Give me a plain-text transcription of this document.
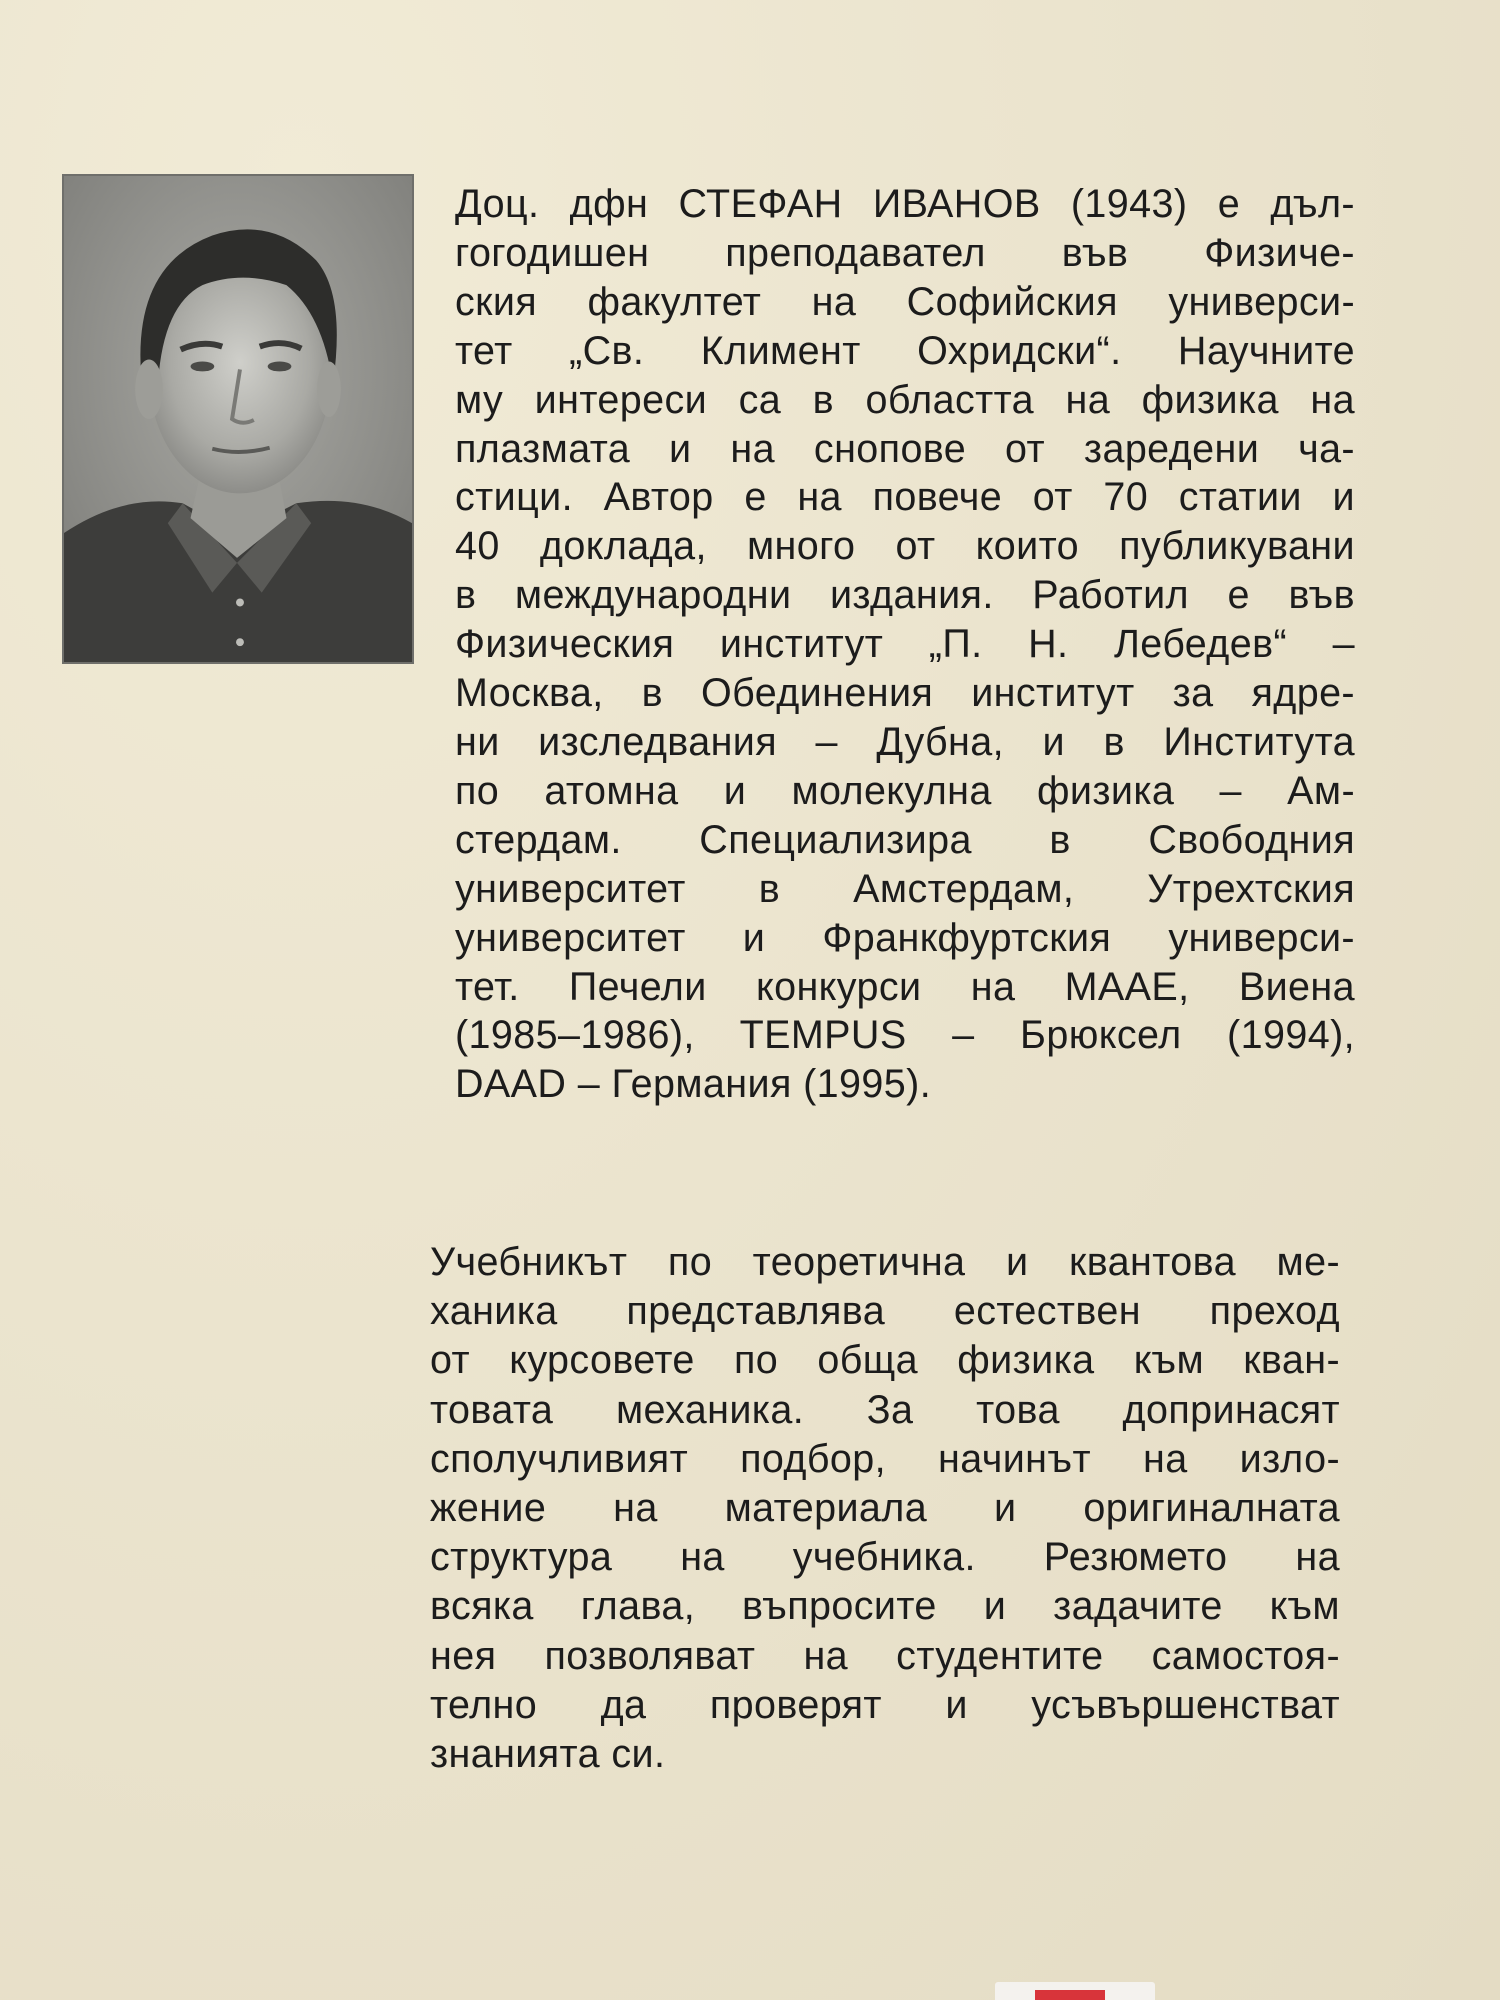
Доц. дфн СТЕФАН ИВАНОВ (1943) е дъл-
гогодишен преподавател във Физиче-
ския факултет на Софийския универси-
тет „Св. Климент Охридски“. Научните
му интереси са в областта на физика на
плазмата и на снопове от заредени ча-
стици. Автор е на повече от 70 статии и
40 доклада, много от които публикувани
в международни издания. Работил е във
Физическия институт „П. Н. Лебедев“ –
Москва, в Обединения институт за ядре-
ни изследвания – Дубна, и в Института
по атомна и молекулна физика – Ам-
стердам. Специализира в Свободния
университет в Амстердам, Утрехтския
университет и Франкфуртския универси-
тет. Печели конкурси на МААЕ, Виена
(1985–1986), TEMPUS – Брюксел (1994),
DAAD – Германия (1995).
Учебникът по теоретична и квантова ме-
ханика представлява естествен преход
от курсовете по обща физика към кван-
товата механика. За това допринасят
сполучливият подбор, начинът на изло-
жение на материала и оригиналната
структура на учебника. Резюмето на
всяка глава, въпросите и задачите към
нея позволяват на студентите самостоя-
телно да проверят и усъвършенстват
знанията си.
